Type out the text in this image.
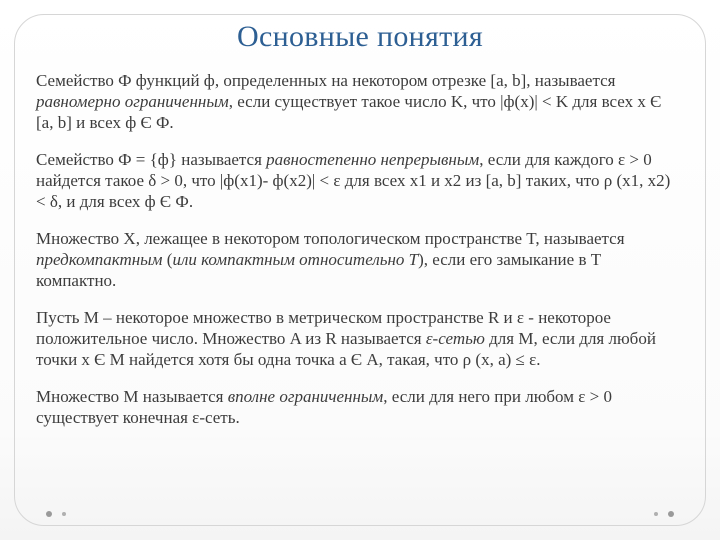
Основные понятия

Семейство Ф функций ф, определенных на некотором отрезке [a, b], называется равномерно ограниченным, если существует такое число K, что |ф(x)| < K для всех x Є [a, b] и всех ф Є Ф.

Семейство Ф = {ф} называется равностепенно непрерывным, если для каждого ε > 0 найдется такое δ > 0, что |ф(x1)- ф(x2)| < ε для всех x1 и x2 из [a, b] таких, что ρ (x1, x2) < δ, и для всех ф Є Ф.

Множество X, лежащее в некотором топологическом пространстве T, называется предкомпактным (или компактным относительно T), если его замыкание в T компактно.

Пусть M – некоторое множество в метрическом пространстве R и ε - некоторое положительное число. Множество A из R называется ε-сетью для M, если для любой точки x Є M найдется хотя бы одна точка a Є A, такая, что ρ (x, a) ≤ ε.

Множество M называется вполне ограниченным, если для него при любом ε > 0 существует конечная ε-сеть.
